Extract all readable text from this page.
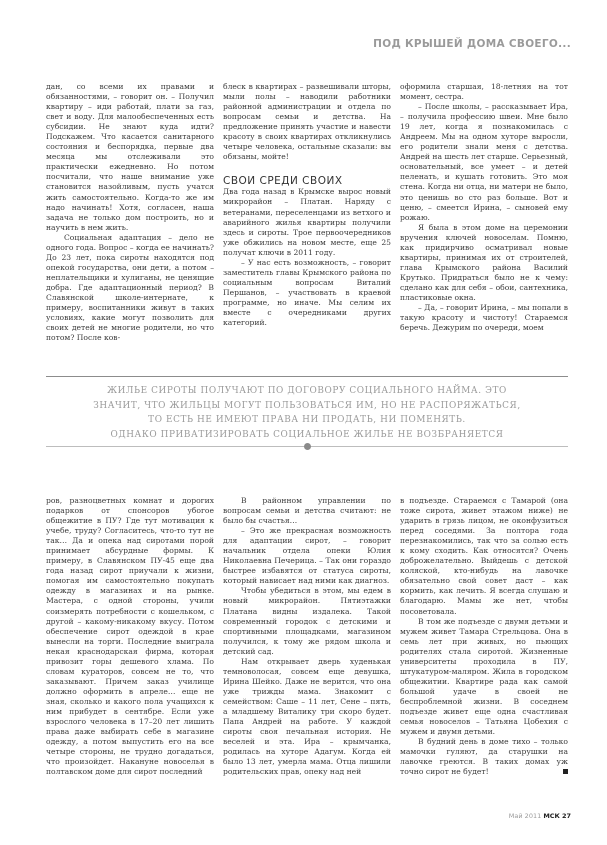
ПОД КРЫШЕЙ ДОМА СВОЕГО...

дан, со всеми их правами и обязанностями, – говорит он. – Получил квартиру – иди работай, плати за газ, свет и воду. Для малообеспеченных есть субсидии. Не знают куда идти? Подскажем. Что касается санитарного состояния и беспорядка, первые два месяца мы отслеживали это практически ежедневно. Но потом посчитали, что наше внимание уже становится назойливым, пусть учатся жить самостоятельно. Когда-то же им надо начинать! Хотя, согласен, наша задача не только дом построить, но и научить в нем жить.

Социальная адаптация – дело не одного года. Вопрос – когда ее начинать? До 23 лет, пока сироты находятся под опекой государства, они дети, а потом – неплательщики и хулиганы, не ценящие добра. Где адаптационный период? В Славянской школе-интернате, к примеру, воспитанники живут в таких условиях, какие могут позволить для своих детей не многие родители, но что потом? После ков-

блеск в квартирах – развешивали шторы, мыли полы – наводили работники районной администрации и отдела по вопросам семьи и детства. На предложение принять участие и навести красоту в своих квартирах откликнулись четыре человека, остальные сказали: вы обязаны, мойте!

СВОИ СРЕДИ СВОИХ

Два года назад в Крымске вырос новый микрорайон – Платан. Наряду с ветеранами, переселенцами из ветхого и аварийного жилья квартиры получили здесь и сироты. Трое первоочередников уже обжились на новом месте, еще 25 получат ключи в 2011 году.

– У нас есть возможность, – говорит заместитель главы Крымского района по социальным вопросам Виталий Першанов, – участвовать в краевой программе, но иначе. Мы селим их вместе с очередниками других категорий.

оформила старшая, 18-летняя на тот момент, сестра.

– После школы, – рассказывает Ира, – получила профессию швеи. Мне было 19 лет, когда я познакомилась с Андреем. Мы на одном хуторе выросли, его родители знали меня с детства. Андрей на шесть лет старше. Серьезный, основательный, все умеет – и детей пеленать, и кушать готовить. Это моя стена. Когда ни отца, ни матери не было, это ценишь во сто раз больше. Вот и ценю, – смеется Ирина, – сыновей ему рожаю.

Я была в этом доме на церемонии вручения ключей новоселам. Помню, как придирчиво осматривал новые квартиры, принимая их от строителей, глава Крымского района Василий Крутько. Придраться было не к чему: сделано как для себя – обои, сантехника, пластиковые окна.

– Да, – говорит Ирина, – мы попали в такую красоту и чистоту! Стараемся беречь. Дежурим по очереди, моем

ЖИЛЬЕ СИРОТЫ ПОЛУЧАЮТ ПО ДОГОВОРУ СОЦИАЛЬНОГО НАЙМА. ЭТО
ЗНАЧИТ, ЧТО ЖИЛЬЦЫ МОГУТ ПОЛЬЗОВАТЬСЯ ИМ, НО НЕ РАСПОРЯЖАТЬСЯ,
ТО ЕСТЬ НЕ ИМЕЮТ ПРАВА НИ ПРОДАТЬ, НИ ПОМЕНЯТЬ.
ОДНАКО ПРИВАТИЗИРОВАТЬ СОЦИАЛЬНОЕ ЖИЛЬЕ НЕ ВОЗБРАНЯЕТСЯ

ров, разноцветных комнат и дорогих подарков от спонсоров убогое общежитие в ПУ? Где тут мотивация к учебе, труду? Согласитесь, что-то тут не так… Да и опека над сиротами порой принимает абсурдные формы. К примеру, в Славянском ПУ-45 еще два года назад сирот приучали к жизни, помогая им самостоятельно покупать одежду в магазинах и на рынке. Мастера, с одной стороны, учили соизмерять потребности с кошельком, с другой – какому-никакому вкусу. Потом обеспечение сирот одеждой в крае вынесли на торги. Последние выиграла некая краснодарская фирма, которая привозит горы дешевого хлама. По словам кураторов, совсем не то, что заказывают. Причем заказ училище должно оформить в апреле… еще не зная, сколько и какого пола учащихся к ним прибудет в сентябре. Если уже взрослого человека в 17–20 лет лишить права даже выбирать себе в магазине одежду, а потом выпустить его на все четыре стороны, не трудно догадаться, что произойдет. Накануне новоселья в полтавском доме для сирот последний

В районном управлении по вопросам семьи и детства считают: не было бы счастья…

– Это же прекрасная возможность для адаптации сирот, – говорит начальник отдела опеки Юлия Николаевна Печерица. – Так они гораздо быстрее избавятся от статуса сироты, который нависает над ними как диагноз.

Чтобы убедиться в этом, мы едем в новый микрорайон. Пятиэтажки Платана видны издалека. Такой современный городок с детскими и спортивными площадками, магазином получился, к тому же рядом школа и детский сад.

Нам открывает дверь худенькая темноволосая, совсем еще девушка, Ирина Шейко. Даже не верится, что она уже трижды мама. Знакомит с семейством: Саше – 11 лет, Сене – пять, а младшему Виталику три скоро будет. Папа Андрей на работе. У каждой сироты своя печальная история. Не веселей и эта. Ира – крымчанка, родилась на хуторе Адагум. Когда ей было 13 лет, умерла мама. Отца лишили родительских прав, опеку над ней

в подъезде. Стараемся с Тамарой (она тоже сирота, живет этажом ниже) не ударить в грязь лицом, не оконфузиться перед соседями. За полтора года перезнакомились, так что за солью есть к кому сходить. Как относятся? Очень доброжелательно. Выйдешь с детской коляской, кто-нибудь на лавочке обязательно свой совет даст – как кормить, как лечить. Я всегда слушаю и благодарю. Мамы же нет, чтобы посоветовала.

В том же подъезде с двумя детьми и мужем живет Тамара Стрельцова. Она в семь лет при живых, но пьющих родителях стала сиротой. Жизненные университеты проходила в ПУ, штукатуром-маляром. Жила в городском общежитии. Квартире рада как самой большой удаче в своей не беспроблемной жизни. В соседнем подъезде живет еще одна счастливая семья новоселов – Татьяна Цобехия с мужем и двумя детьми.

В будний день в доме тихо – только мамочки гуляют, да старушки на лавочке греются. В таких домах уж точно сирот не будет!

Май 2011 МСК 27
